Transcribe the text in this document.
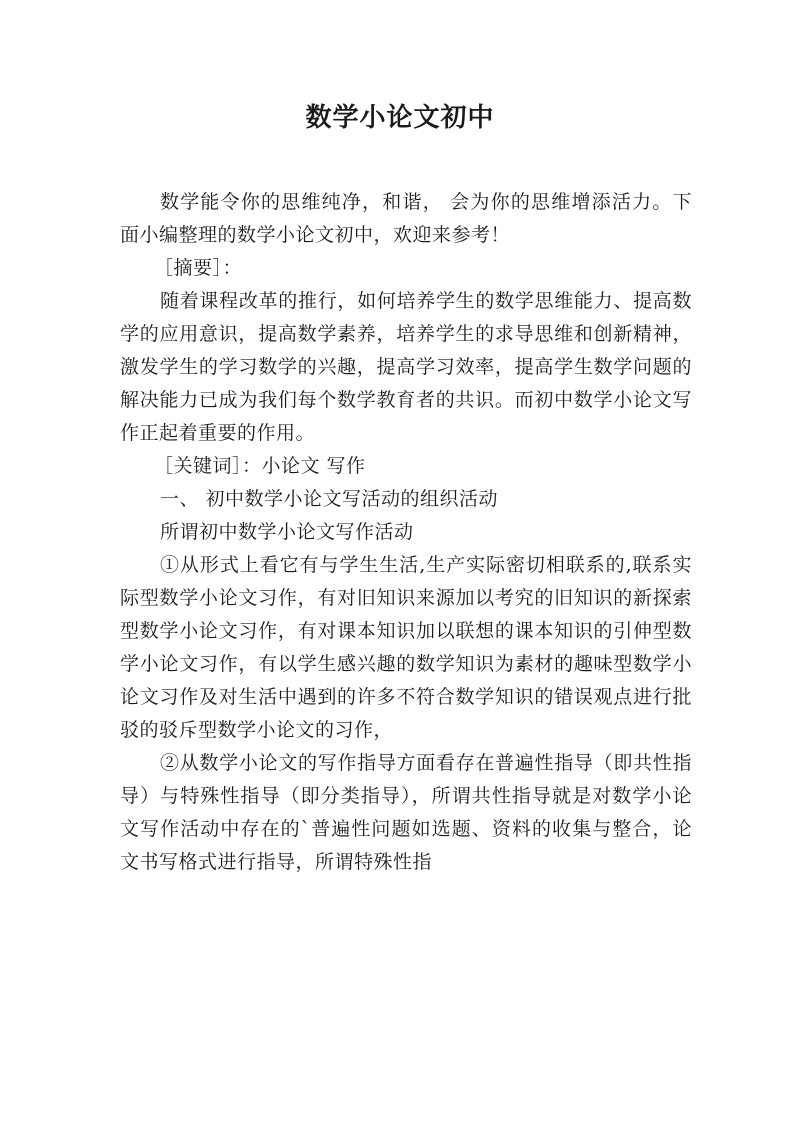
数学小论文初中

数学能令你的思维纯净，和谐， 会为你的思维增添活力。下面小编整理的数学小论文初中，欢迎来参考！

［摘要］：

随着课程改革的推行，如何培养学生的数学思维能力、提高数学的应用意识，提高数学素养，培养学生的求导思维和创新精神，激发学生的学习数学的兴趣，提高学习效率，提高学生数学问题的解决能力已成为我们每个数学教育者的共识。而初中数学小论文写作正起着重要的作用。

［关键词］：小论文 写作

一、 初中数学小论文写活动的组织活动

所谓初中数学小论文写作活动

①从形式上看它有与学生生活,生产实际密切相联系的,联系实际型数学小论文习作，有对旧知识来源加以考究的旧知识的新探索型数学小论文习作，有对课本知识加以联想的课本知识的引伸型数学小论文习作，有以学生感兴趣的数学知识为素材的趣味型数学小论文习作及对生活中遇到的许多不符合数学知识的错误观点进行批驳的驳斥型数学小论文的习作，

②从数学小论文的写作指导方面看存在普遍性指导（即共性指导）与特殊性指导（即分类指导），所谓共性指导就是对数学小论文写作活动中存在的`普遍性问题如选题、资料的收集与整合，论文书写格式进行指导，所谓特殊性指
